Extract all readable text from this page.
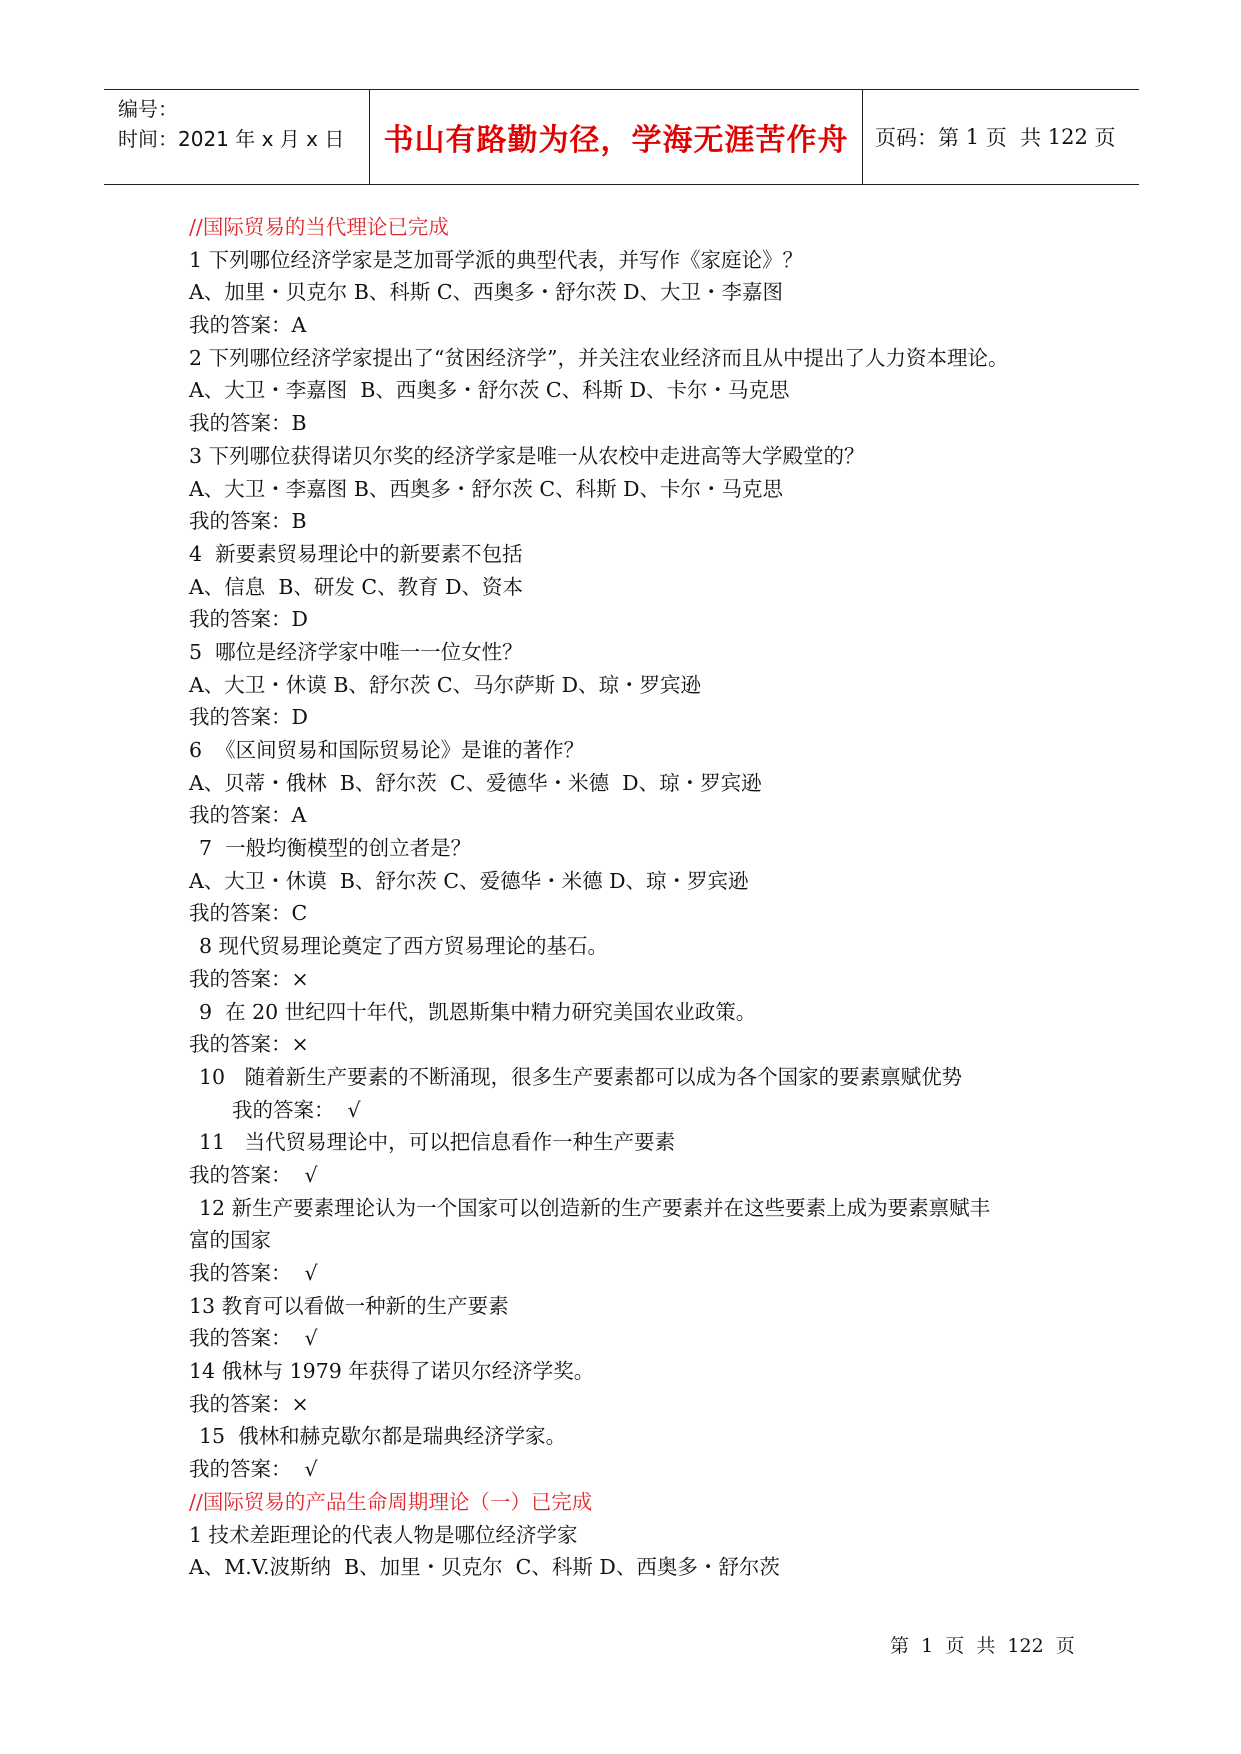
编号：
时间：2021 年 x 月 x 日	书山有路勤为径，学海无涯苦作舟	页码：第 1 页  共 122 页
//国际贸易的当代理论已完成
1 下列哪位经济学家是芝加哥学派的典型代表，并写作《家庭论》？
A、加里・贝克尔 B、科斯 C、西奥多・舒尔茨 D、大卫・李嘉图
我的答案：A
2 下列哪位经济学家提出了“贫困经济学”，并关注农业经济而且从中提出了人力资本理论。
A、大卫・李嘉图  B、西奥多・舒尔茨 C、科斯 D、卡尔・马克思
我的答案：B
3 下列哪位获得诺贝尔奖的经济学家是唯一从农校中走进高等大学殿堂的？
A、大卫・李嘉图 B、西奥多・舒尔茨 C、科斯 D、卡尔・马克思
我的答案：B
4  新要素贸易理论中的新要素不包括
A、信息  B、研发 C、教育 D、资本
我的答案：D
5  哪位是经济学家中唯一一位女性？
A、大卫・休谟 B、舒尔茨 C、马尔萨斯 D、琼・罗宾逊
我的答案：D
6  《区间贸易和国际贸易论》是谁的著作？
A、贝蒂・俄林  B、舒尔茨  C、爱德华・米德  D、琼・罗宾逊
我的答案：A
7  一般均衡模型的创立者是？
A、大卫・休谟  B、舒尔茨 C、爱德华・米德 D、琼・罗宾逊
我的答案：C
8 现代贸易理论奠定了西方贸易理论的基石。
我的答案：×
9  在 20 世纪四十年代，凯恩斯集中精力研究美国农业政策。
我的答案：×
10   随着新生产要素的不断涌现，很多生产要素都可以成为各个国家的要素禀赋优势
我的答案：  √
11   当代贸易理论中，可以把信息看作一种生产要素
我的答案：  √
12 新生产要素理论认为一个国家可以创造新的生产要素并在这些要素上成为要素禀赋丰
富的国家
我的答案：  √
13 教育可以看做一种新的生产要素
我的答案：  √
14 俄林与 1979 年获得了诺贝尔经济学奖。
我的答案：×
15  俄林和赫克歇尔都是瑞典经济学家。
我的答案：  √
//国际贸易的产品生命周期理论（一）已完成
1 技术差距理论的代表人物是哪位经济学家
A、M.V.波斯纳  B、加里・贝克尔  C、科斯 D、西奥多・舒尔茨
第  1  页  共  122  页
